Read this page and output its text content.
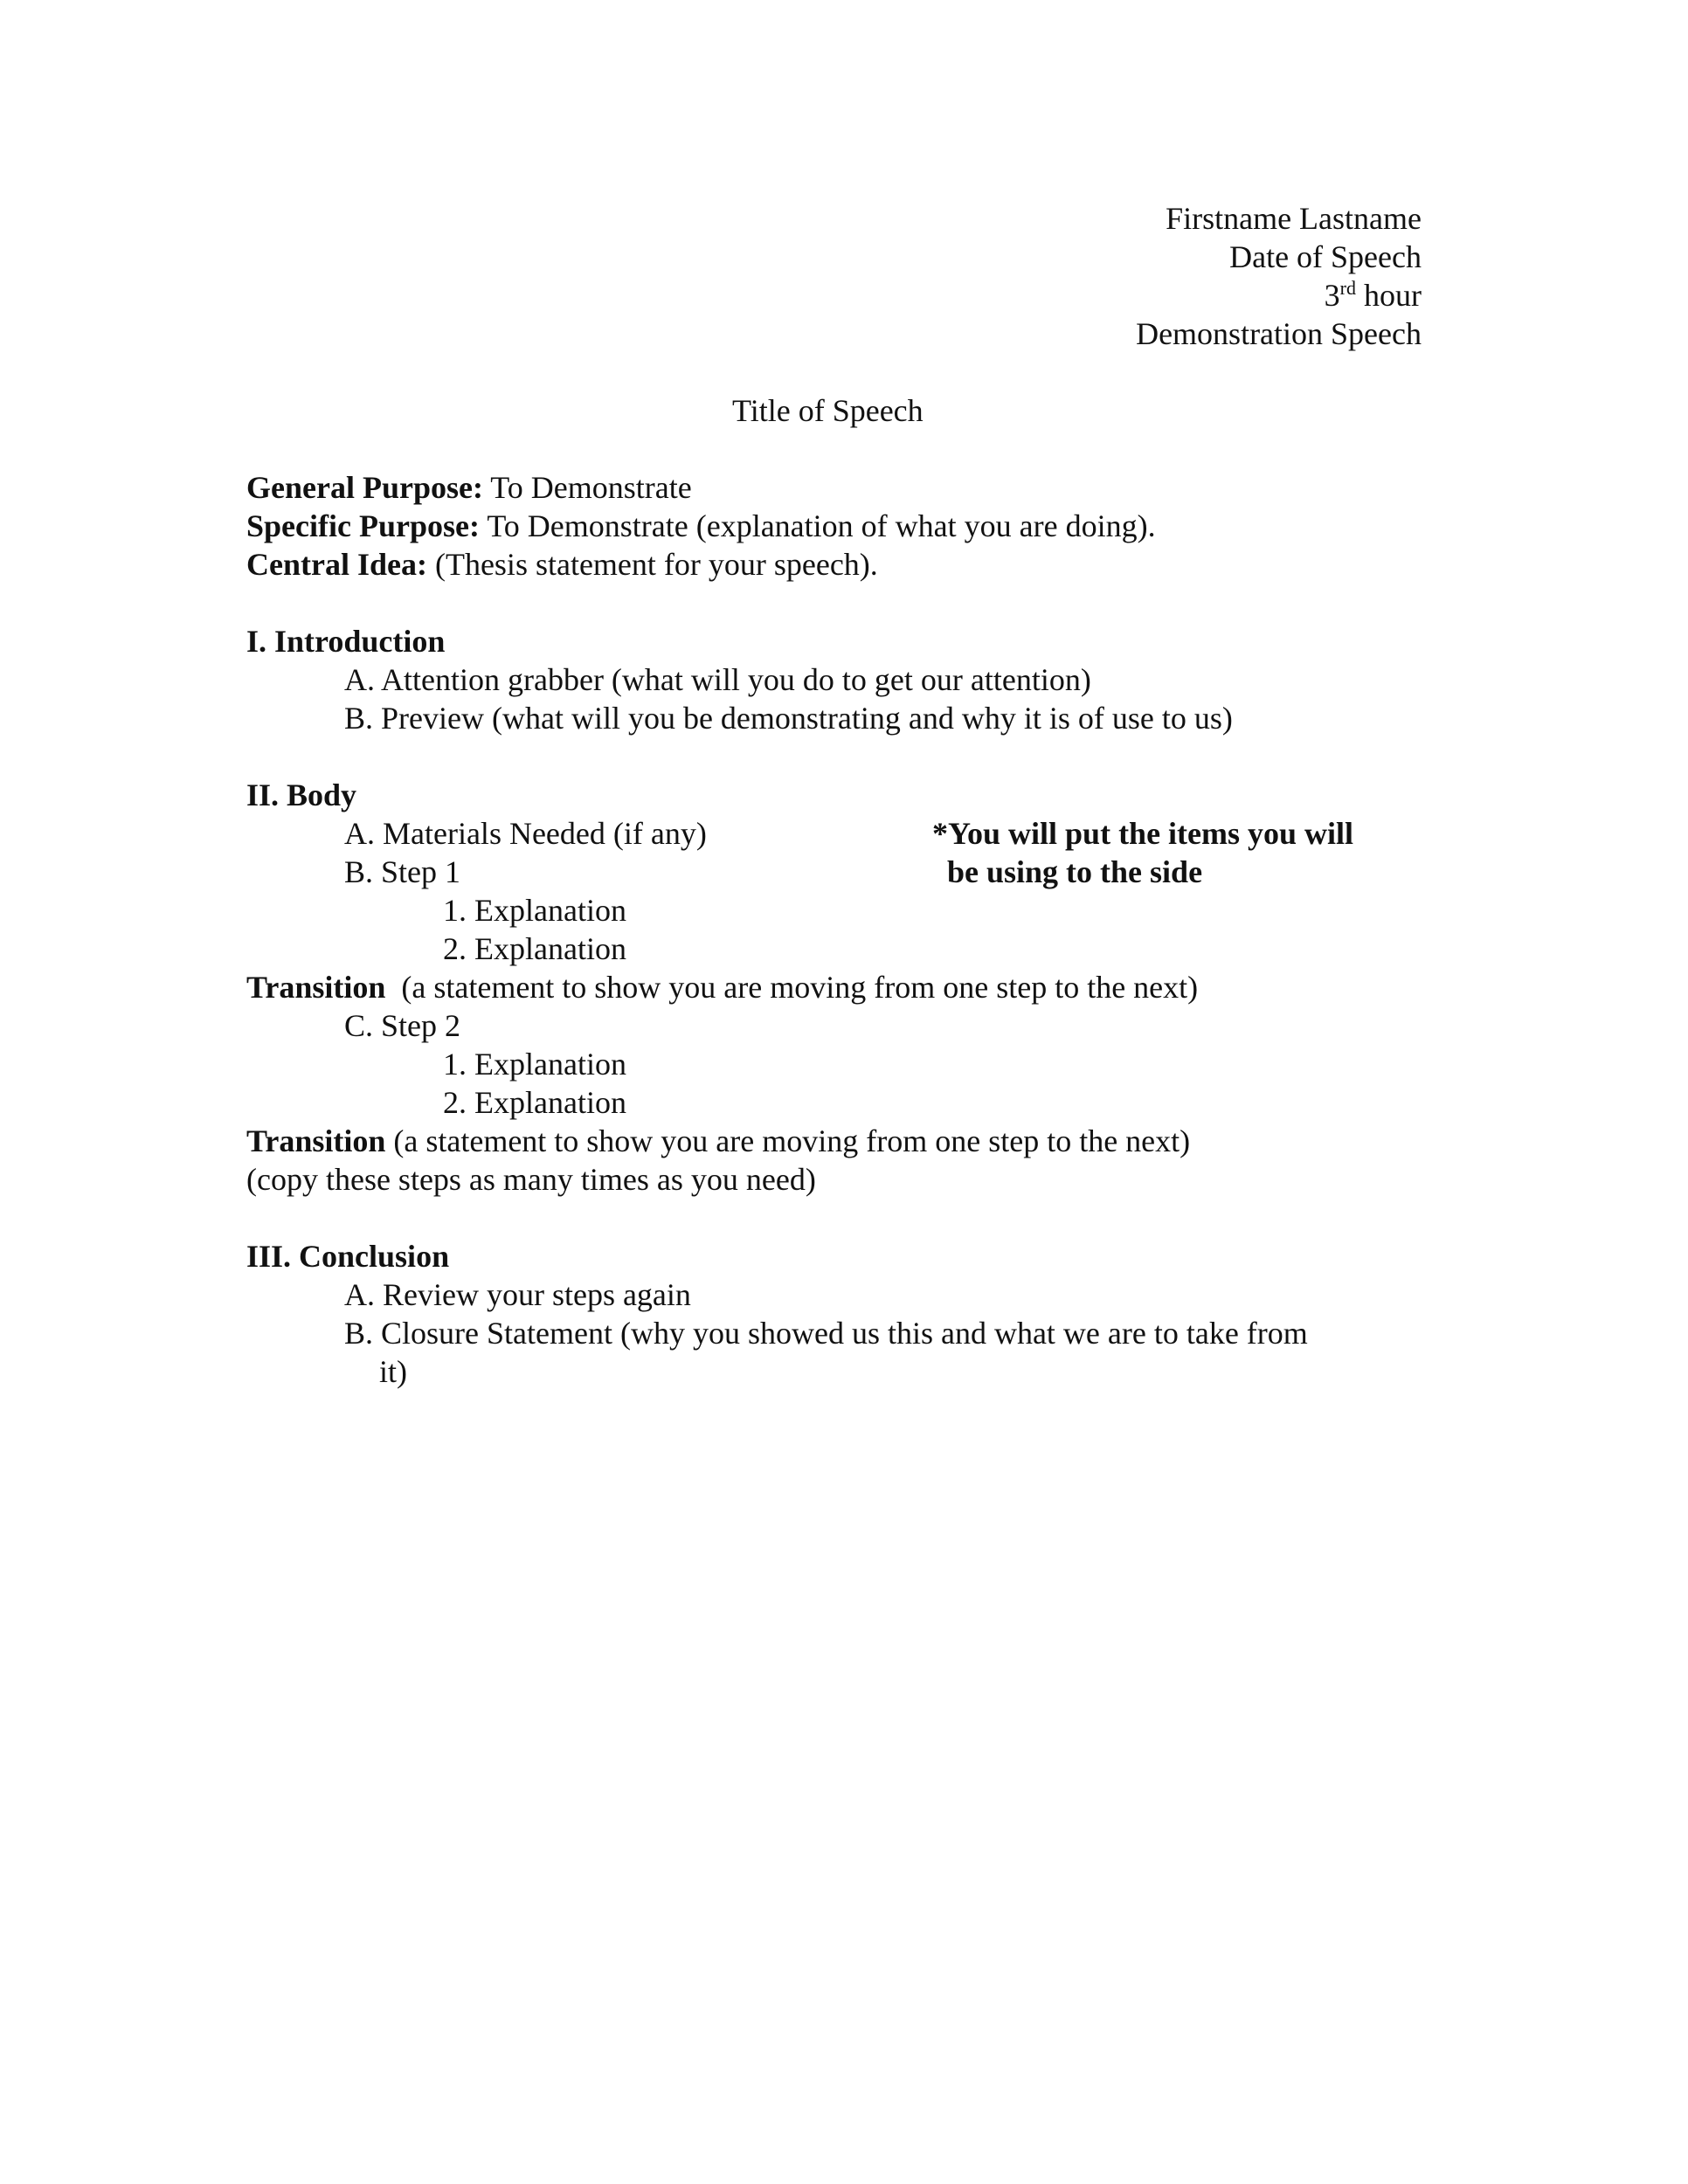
Firstname Lastname
Date of Speech
3rd hour
Demonstration Speech
Title of Speech
General Purpose: To Demonstrate
Specific Purpose: To Demonstrate (explanation of what you are doing).
Central Idea: (Thesis statement for your speech).
I. Introduction
A. Attention grabber (what will you do to get our attention)
B. Preview (what will you be demonstrating and why it is of use to us)
II. Body
A. Materials Needed (if any)	*You will put the items you will
be using to the side
B. Step 1
1. Explanation
2. Explanation
Transition  (a statement to show you are moving from one step to the next)
C. Step 2
1. Explanation
2. Explanation
Transition (a statement to show you are moving from one step to the next)
(copy these steps as many times as you need)
III. Conclusion
A. Review your steps again
B. Closure Statement (why you showed us this and what we are to take from
it)
